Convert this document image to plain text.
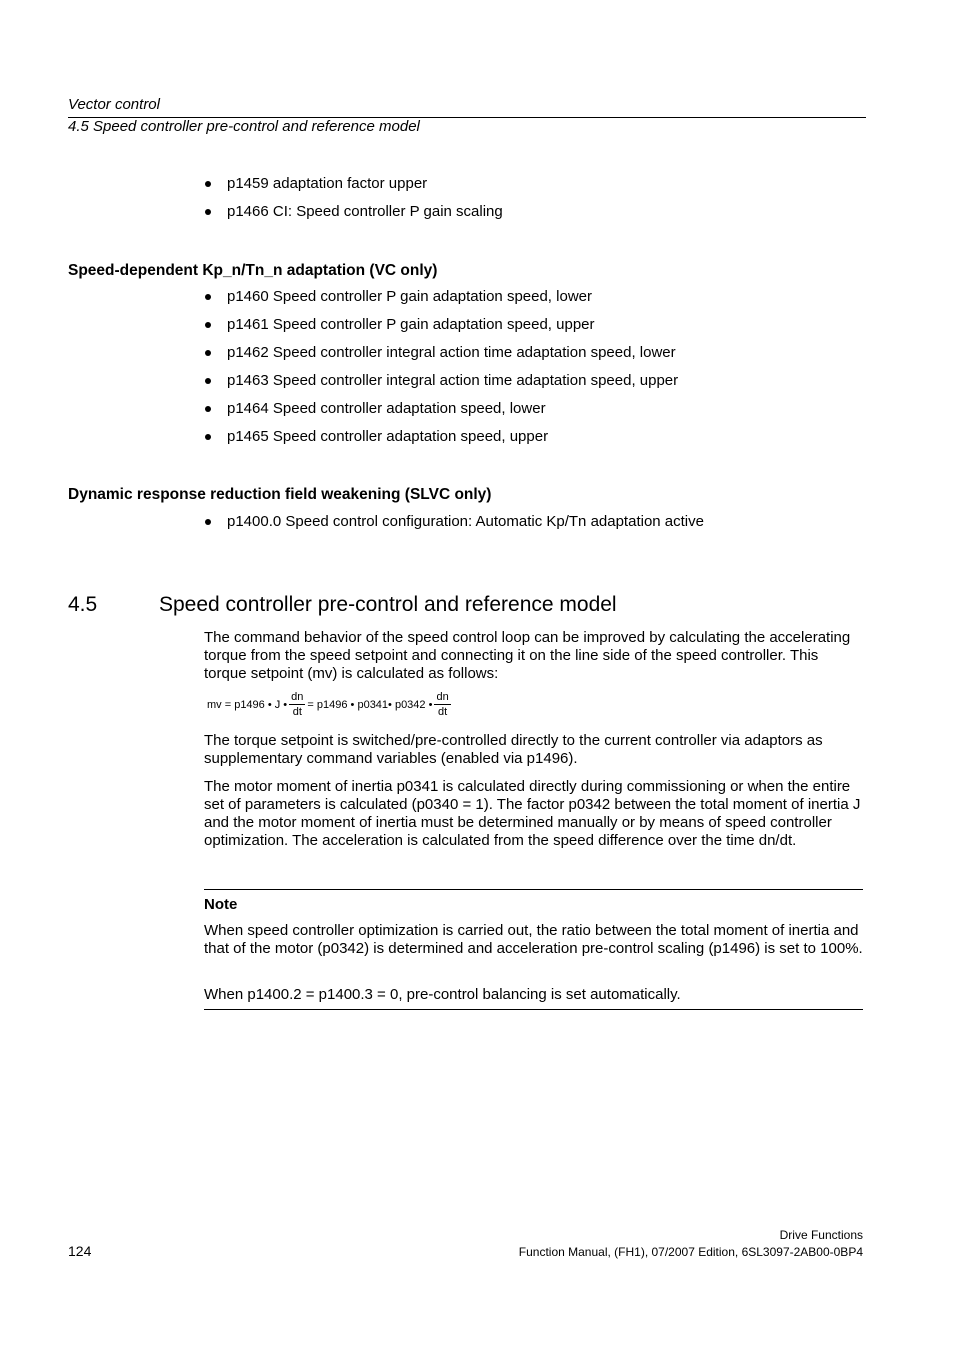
Vector control
4.5 Speed controller pre-control and reference model
p1459 adaptation factor upper
p1466 CI: Speed controller P gain scaling
Speed-dependent Kp_n/Tn_n adaptation (VC only)
p1460 Speed controller P gain adaptation speed, lower
p1461 Speed controller P gain adaptation speed, upper
p1462 Speed controller integral action time adaptation speed, lower
p1463 Speed controller integral action time adaptation speed, upper
p1464 Speed controller adaptation speed, lower
p1465 Speed controller adaptation speed, upper
Dynamic response reduction field weakening (SLVC only)
p1400.0 Speed control configuration: Automatic Kp/Tn adaptation active
4.5	Speed controller pre-control and reference model
The command behavior of the speed control loop can be improved by calculating the accelerating torque from the speed setpoint and connecting it on the line side of the speed controller. This torque setpoint (mv) is calculated as follows:
mv = p1496 • J • $\frac{dn}{dt} = p1496$ • p0341• p0342 • $\frac{dn}{dt}$
The torque setpoint is switched/pre-controlled directly to the current controller via adaptors as supplementary command variables (enabled via p1496).
The motor moment of inertia p0341 is calculated directly during commissioning or when the entire set of parameters is calculated (p0340 = 1). The factor p0342 between the total moment of inertia J and the motor moment of inertia must be determined manually or by means of speed controller optimization. The acceleration is calculated from the speed difference over the time dn/dt.
Note
When speed controller optimization is carried out, the ratio between the total moment of inertia and that of the motor (p0342) is determined and acceleration pre-control scaling (p1496) is set to 100%.
When p1400.2 = p1400.3 = 0, pre-control balancing is set automatically.
Drive Functions
124	Function Manual, (FH1), 07/2007 Edition, 6SL3097-2AB00-0BP4
